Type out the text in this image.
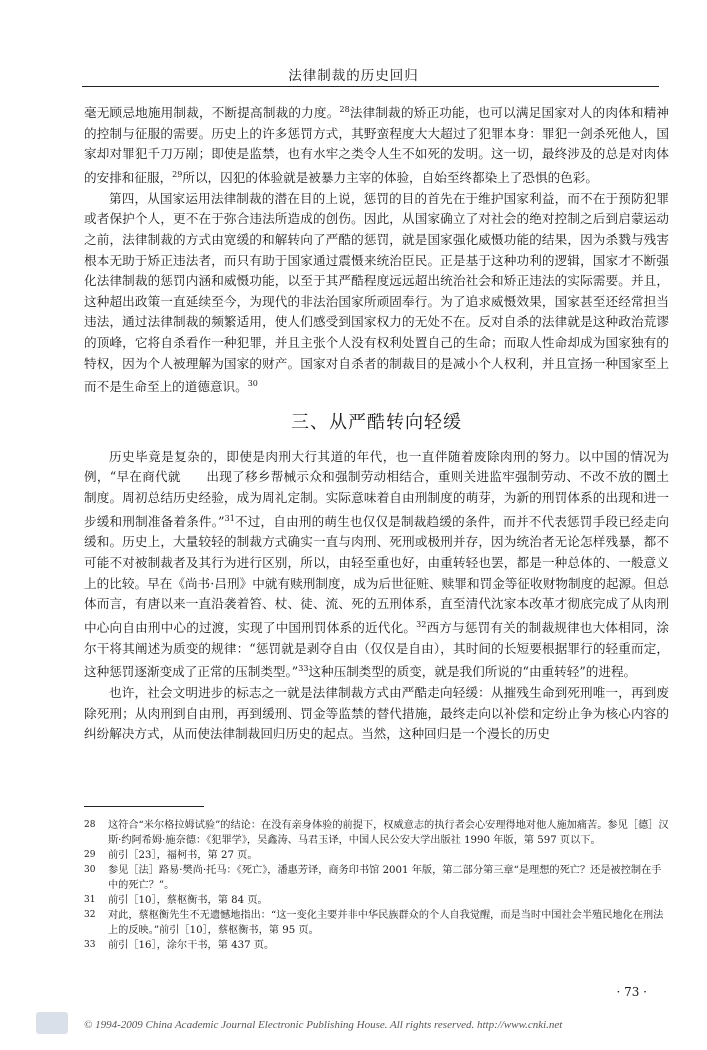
法律制裁的历史回归

毫无顾忌地施用制裁，不断提高制裁的力度。$^{28}$法律制裁的矫正功能，也可以满足国家对人的肉体和精神的控制与征服的需要。历史上的许多惩罚方式，其野蛮程度大大超过了犯罪本身：罪犯一剑杀死他人，国家却对罪犯千刀万剐；即使是监禁，也有水牢之类令人生不如死的发明。这一切，最终涉及的总是对肉体的安排和征服，$^{29}$所以，囚犯的体验就是被暴力主宰的体验，自始至终都染上了恐惧的色彩。

第四，从国家运用法律制裁的潜在目的上说，惩罚的目的首先在于维护国家利益，而不在于预防犯罪或者保护个人，更不在于弥合违法所造成的创伤。因此，从国家确立了对社会的绝对控制之后到启蒙运动之前，法律制裁的方式由宽缓的和解转向了严酷的惩罚，就是国家强化威慑功能的结果，因为杀戮与残害根本无助于矫正违法者，而只有助于国家通过震慑来统治臣民。正是基于这种功利的逻辑，国家才不断强化法律制裁的惩罚内涵和威慑功能，以至于其严酷程度远远超出统治社会和矫正违法的实际需要。并且，这种超出政策一直延续至今，为现代的非法治国家所顽固奉行。为了追求威慑效果，国家甚至还经常担当违法，通过法律制裁的频繁适用，使人们感受到国家权力的无处不在。反对自杀的法律就是这种政治荒谬的顶峰，它将自杀看作一种犯罪，并且主张个人没有权利处置自己的生命；而取人性命却成为国家独有的特权，因为个人被理解为国家的财产。国家对自杀者的制裁目的是减小个人权利，并且宣扬一种国家至上而不是生命至上的道德意识。$^{30}$

三、从严酷转向轻缓

历史毕竟是复杂的，即使是肉刑大行其道的年代，也一直伴随着废除肉刑的努力。以中国的情况为例，“早在商代就　　出现了移乡帮械示众和强制劳动相结合，重则关进监牢强制劳动、不改不放的圜土制度。周初总结历史经验，成为周礼定制。实际意味着自由刑制度的萌芽，为新的刑罚体系的出现和进一步缓和刑制准备着条件。”$^{31}$不过，自由刑的萌生也仅仅是制裁趋缓的条件，而并不代表惩罚手段已经走向缓和。历史上，大量较轻的制裁方式确实一直与肉刑、死刑或极刑并存，因为统治者无论怎样残暴，都不可能不对被制裁者及其行为进行区别，所以，由轻至重也好，由重转轻也罢，都是一种总体的、一般意义上的比较。早在《尚书·吕刑》中就有赎刑制度，成为后世征赃、赎罪和罚金等征收财物制度的起源。但总体而言，有唐以来一直沿袭着笞、杖、徒、流、死的五刑体系，直至清代沈家本改革才彻底完成了从肉刑中心向自由刑中心的过渡，实现了中国刑罚体系的近代化。$^{32}$西方与惩罚有关的制裁规律也大体相同，涂尔干将其阐述为质变的规律：“惩罚就是剥夺自由（仅仅是自由），其时间的长短要根据罪行的轻重而定，这种惩罚逐渐变成了正常的压制类型。”$^{33}$这种压制类型的质变，就是我们所说的“由重转轻”的进程。

也许，社会文明进步的标志之一就是法律制裁方式由严酷走向轻缓：从摧残生命到死刑唯一，再到废除死刑；从肉刑到自由刑，再到缓刑、罚金等监禁的替代措施，最终走向以补偿和定纷止争为核心内容的纠纷解决方式，从而使法律制裁回归历史的起点。当然，这种回归是一个漫长的历史

28	这符合“米尔格拉姆试验”的结论：在没有亲身体验的前提下，权威意志的执行者会心安理得地对他人施加痛苦。参见［德］汉斯·约阿希姆·施奈德：《犯罪学》，吴鑫涛、马君玉译，中国人民公安大学出版社 1990 年版，第 597 页以下。
29	前引［23］，福柯书，第 27 页。
30	参见［法］路易·樊尚·托马：《死亡》，潘惠芳译，商务印书馆 2001 年版，第二部分第三章“是理想的死亡？还是被控制在手中的死亡？”。
31	前引［10］，蔡枢衡书，第 84 页。
32	对此，蔡枢衡先生不无遗憾地指出：“这一变化主要并非中华民族群众的个人自我觉醒，而是当时中国社会半殖民地化在刑法上的反映。”前引［10］，蔡枢衡书，第 95 页。
33	前引［16］，涂尔干书，第 437 页。
· 73 ·
© 1994-2009 China Academic Journal Electronic Publishing House. All rights reserved. http://www.cnki.net
